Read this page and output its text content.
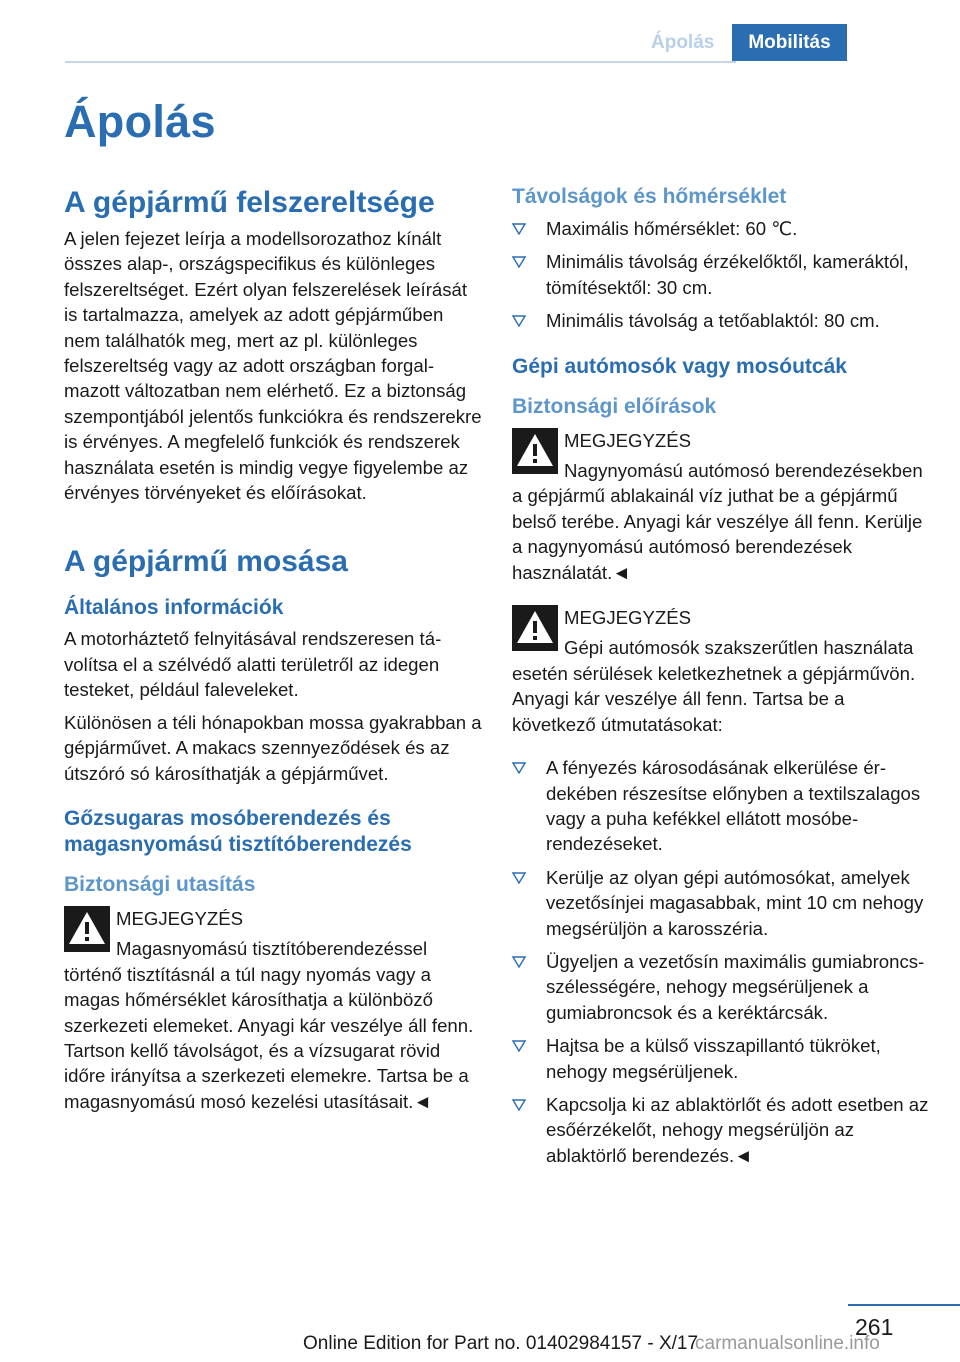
Ápolás	Mobilitás
Ápolás
A gépjármű felszereltsége

A jelen fejezet leírja a modellsorozathoz kínált összes alap-, országspecifikus és különleges felszereltséget. Ezért olyan felszerelések leírását is tartalmazza, amelyek az adott gépjárműben nem találhatók meg, mert az pl. különleges felszereltség vagy az adott országban forgalmazott változatban nem elérhető. Ez a biztonság szempontjából jelentős funkciókra és rendszerekre is érvényes. A megfelelő funkciók és rendszerek használata esetén is mindig vegye figyelembe az érvényes törvényeket és előírásokat.

A gépjármű mosása
Általános információk

A motorháztető felnyitásával rendszeresen távolítsa el a szélvédő alatti területről az idegen testeket, például faleveleket.

Különösen a téli hónapokban mossa gyakrabban a gépjárművet. A makacs szennyeződések és az útszóró só károsíthatják a gépjárművet.

Gőzsugaras mosóberendezés és magasnyomású tisztítóberendezés
Biztonsági utasítás
MEGJEGYZÉS

Magasnyomású tisztítóberendezéssel történő tisztításnál a túl nagy nyomás vagy a magas hőmérséklet károsíthatja a különböző szerkezeti elemeket. Anyagi kár veszélye áll fenn. Tartson kellő távolságot, és a vízsugarat rövid időre irányítsa a szerkezeti elemekre. Tartsa be a magasnyomású mosó kezelési utasításait.◄

Távolságok és hőmérséklet
Maximális hőmérséklet: 60 ℃.
Minimális távolság érzékelőktől, kameráktól, tömítésektől: 30 cm.
Minimális távolság a tetőablaktól: 80 cm.
Gépi autómosók vagy mosóutcák
Biztonsági előírások
MEGJEGYZÉS

Nagynyomású autómosó berendezésekben a gépjármű ablakainál víz juthat be a gépjármű belső terébe. Anyagi kár veszélye áll fenn. Kerülje a nagynyomású autómosó berendezések használatát.◄

MEGJEGYZÉS

Gépi autómosók szakszerűtlen használata esetén sérülések keletkezhetnek a gépjárművön. Anyagi kár veszélye áll fenn. Tartsa be a következő útmutatásokat:

A fényezés károsodásának elkerülése érdekében részesítse előnyben a textilszalagos vagy a puha kefékkel ellátott mosóberendezéseket.
Kerülje az olyan gépi autómosókat, amelyek vezetősínjei magasabbak, mint 10 cm nehogy megsérüljön a karosszéria.
Ügyeljen a vezetősín maximális gumiabroncs-szélességére, nehogy megsérüljenek a gumiabroncsok és a keréktárcsák.
Hajtsa be a külső visszapillantó tükröket, nehogy megsérüljenek.
Kapcsolja ki az ablaktörlőt és adott esetben az esőérzékelőt, nehogy megsérüljön az ablaktörlő berendezés.◄
261
Online Edition for Part no. 01402984157 - X/17
carmanualsonline.info
